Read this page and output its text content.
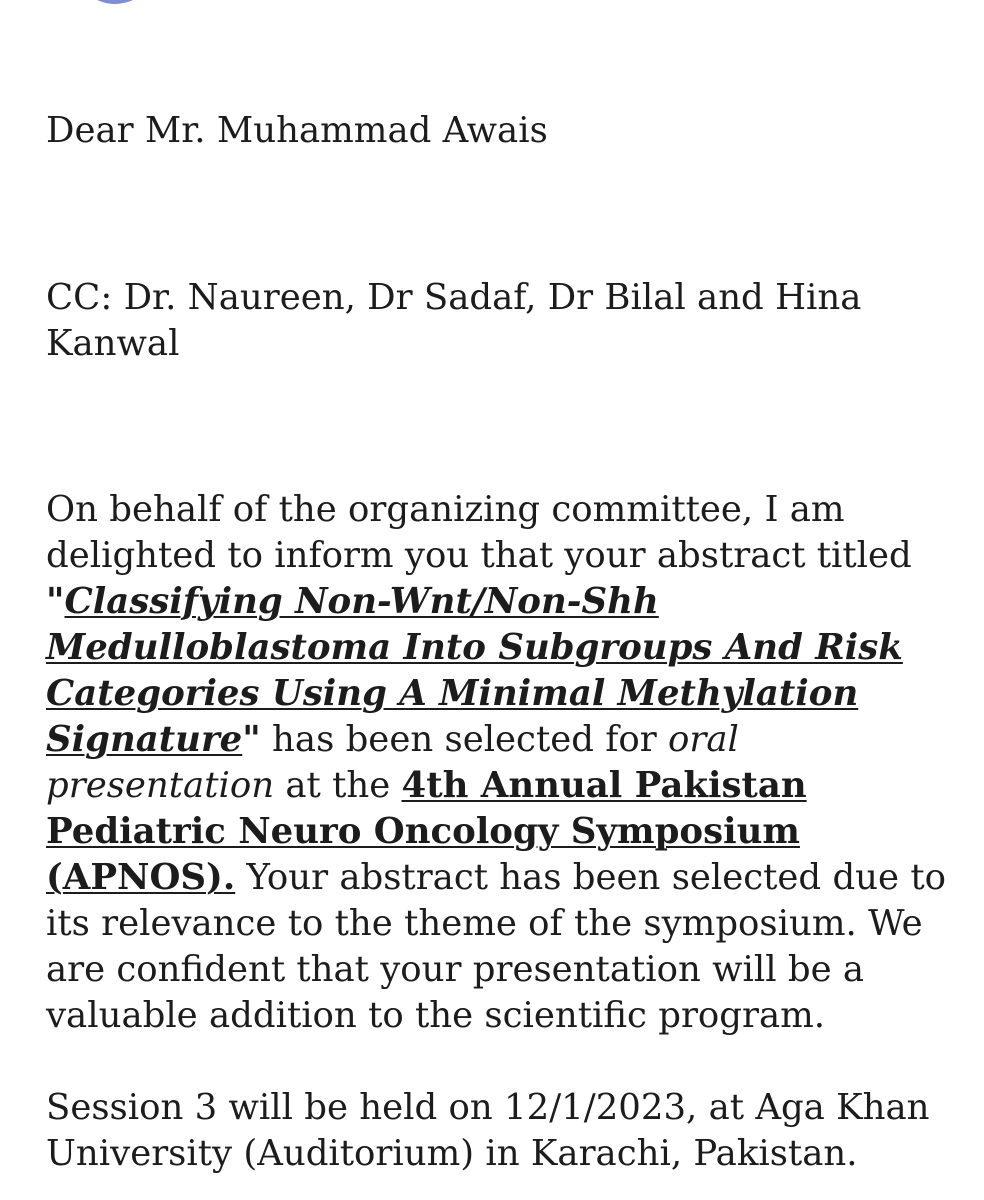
Dear Mr. Muhammad Awais

CC: Dr. Naureen, Dr Sadaf, Dr Bilal and Hina Kanwal

On behalf of the organizing committee, I am delighted to inform you that your abstract titled "Classifying Non-Wnt/Non-Shh Medulloblastoma Into Subgroups And Risk Categories Using A Minimal Methylation Signature" has been selected for oral presentation at the 4th Annual Pakistan Pediatric Neuro Oncology Symposium (APNOS). Your abstract has been selected due to its relevance to the theme of the symposium. We are confident that your presentation will be a valuable addition to the scientific program.

Session 3 will be held on 12/1/2023, at Aga Khan University (Auditorium) in Karachi, Pakistan.
